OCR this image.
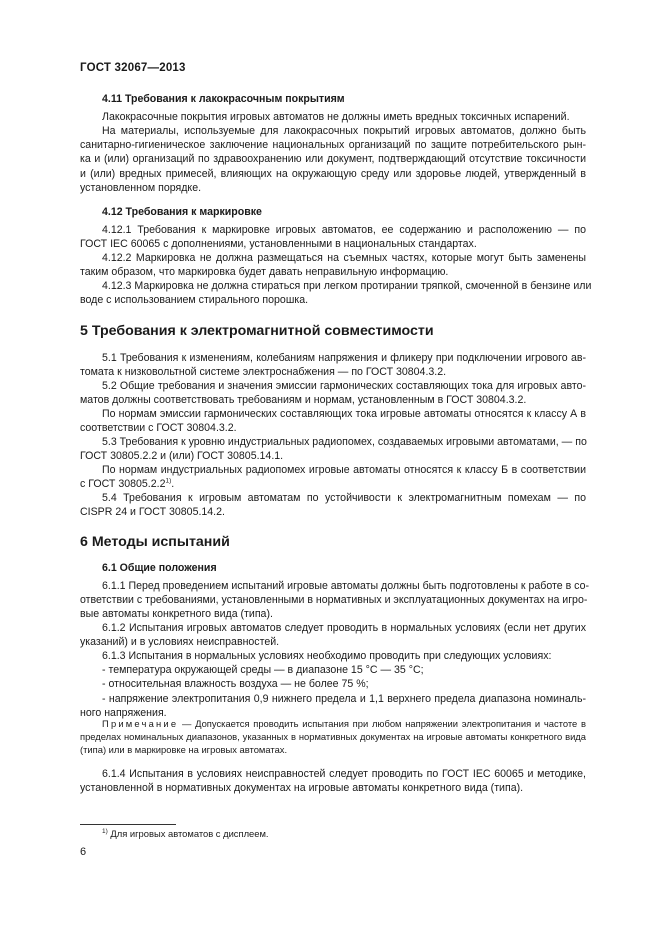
ГОСТ 32067—2013
4.11 Требования к лакокрасочным покрытиям

Лакокрасочные покрытия игровых автоматов не должны иметь вредных токсичных испарений.

На материалы, используемые для лакокрасочных покрытий игровых автоматов, должно быть
санитарно-гигиеническое заключение национальных организаций по защите потребительского рын-
ка и (или) организаций по здравоохранению или документ, подтверждающий отсутствие токсичности
и (или) вредных примесей, влияющих на окружающую среду или здоровье людей, утвержденный в
установленном порядке.

4.12 Требования к маркировке

4.12.1 Требования к маркировке игровых автоматов, ее содержанию и расположению — по
ГОСТ IEC 60065 с дополнениями, установленными в национальных стандартах.

4.12.2 Маркировка не должна размещаться на съемных частях, которые могут быть заменены
таким образом, что маркировка будет давать неправильную информацию.

4.12.3 Маркировка не должна стираться при легком протирании тряпкой, смоченной в бензине или
воде с использованием стирального порошка.

5 Требования к электромагнитной совместимости

5.1 Требования к изменениям, колебаниям напряжения и фликеру при подключении игрового ав-
томата к низковольтной системе электроснабжения — по ГОСТ 30804.3.2.

5.2 Общие требования и значения эмиссии гармонических составляющих тока для игровых авто-
матов должны соответствовать требованиям и нормам, установленным в ГОСТ 30804.3.2.

По нормам эмиссии гармонических составляющих тока игровые автоматы относятся к классу А в
соответствии с ГОСТ 30804.3.2.

5.3 Требования к уровню индустриальных радиопомех, создаваемых игровыми автоматами, — по
ГОСТ 30805.2.2 и (или) ГОСТ 30805.14.1.

По нормам индустриальных радиопомех игровые автоматы относятся к классу Б в соответствии
с ГОСТ 30805.2.2$^{1)}$.

5.4 Требования к игровым автоматам по устойчивости к электромагнитным помехам — по
CISPR 24 и ГОСТ 30805.14.2.

6 Методы испытаний
6.1 Общие положения

6.1.1 Перед проведением испытаний игровые автоматы должны быть подготовлены к работе в со-
ответствии с требованиями, установленными в нормативных и эксплуатационных документах на игро-
вые автоматы конкретного вида (типа).

6.1.2 Испытания игровых автоматов следует проводить в нормальных условиях (если нет других
указаний) и в условиях неисправностей.

6.1.3 Испытания в нормальных условиях необходимо проводить при следующих условиях:
- температура окружающей среды — в диапазоне 15 °С — 35 °С;
- относительная влажность воздуха — не более 75 %;
- напряжение электропитания 0,9 нижнего предела и 1,1 верхнего предела диапазона номиналь-
ного напряжения.

Примечание — Допускается проводить испытания при любом напряжении электропитания и частоте в
пределах номинальных диапазонов, указанных в нормативных документах на игровые автоматы конкретного вида
(типа) или в маркировке на игровых автоматах.

6.1.4 Испытания в условиях неисправностей следует проводить по ГОСТ IEC 60065 и методике,
установленной в нормативных документах на игровые автоматы конкретного вида (типа).

$^{1)}$ Для игровых автоматов с дисплеем.
6
